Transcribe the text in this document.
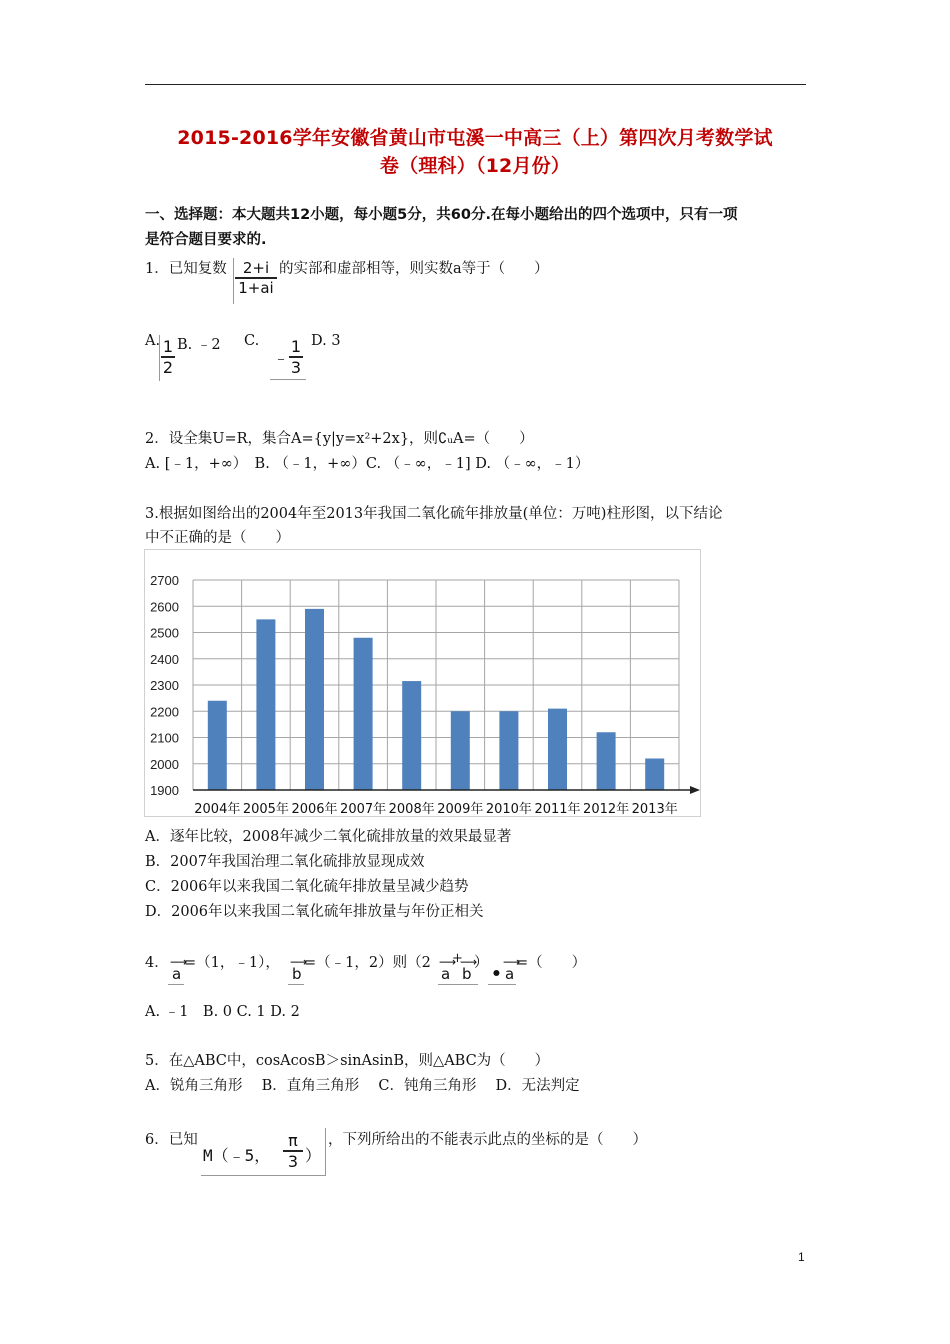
2015-2016学年安徽省黄山市屯溪一中高三（上）第四次月考数学试
卷（理科）（12月份）
一、选择题：本大题共12小题，每小题5分，共60分.在每小题给出的四个选项中，只有一项
是符合题目要求的.
1．已知复数	2+i
1+ai
的实部和虚部相等，则实数a等于（　　）
A. 1
2
B. ﹣2 C.
﹣
1
3
D. 3
2．设全集U=R，集合A={y|y=x²+2x}，则∁ᵤA=（　　）
A. [﹣1，+∞）　B. （﹣1，+∞）C. （﹣∞，﹣1] D. （﹣∞，﹣1）
3.根据如图给出的2004年至2013年我国二氧化硫年排放量(单位：万吨)柱形图，以下结论
中不正确的是（　　）
1900
2000
2100
2200
2300
2400
2500
2600
2700
2004年 2005年 2006年 2007年 2008年 2009年 2010年 2011年 2012年 2013年
A．逐年比较，2008年减少二氧化硫排放量的效果最显著
B．2007年我国治理二氧化硫排放显现成效
C．2006年以来我国二氧化硫年排放量呈减少趋势
D．2006年以来我国二氧化硫年排放量与年份正相关
4． ⟶
a
=（1，﹣1）， ⟶
b
=（﹣1，2）则（2 ⟶
a
+
⟶
b
）
•
⟶
a
=（　　）
A. ﹣1　B. 0 C. 1 D. 2
5．在△ABC中，cosAcosB＞sinAsinB，则△ABC为（　　）
A．锐角三角形　 B．直角三角形　 C．钝角三角形　 D．无法判定
6．已知
M（﹣5，
π
3 ）
，下列所给出的不能表示此点的坐标的是（　　）
1
